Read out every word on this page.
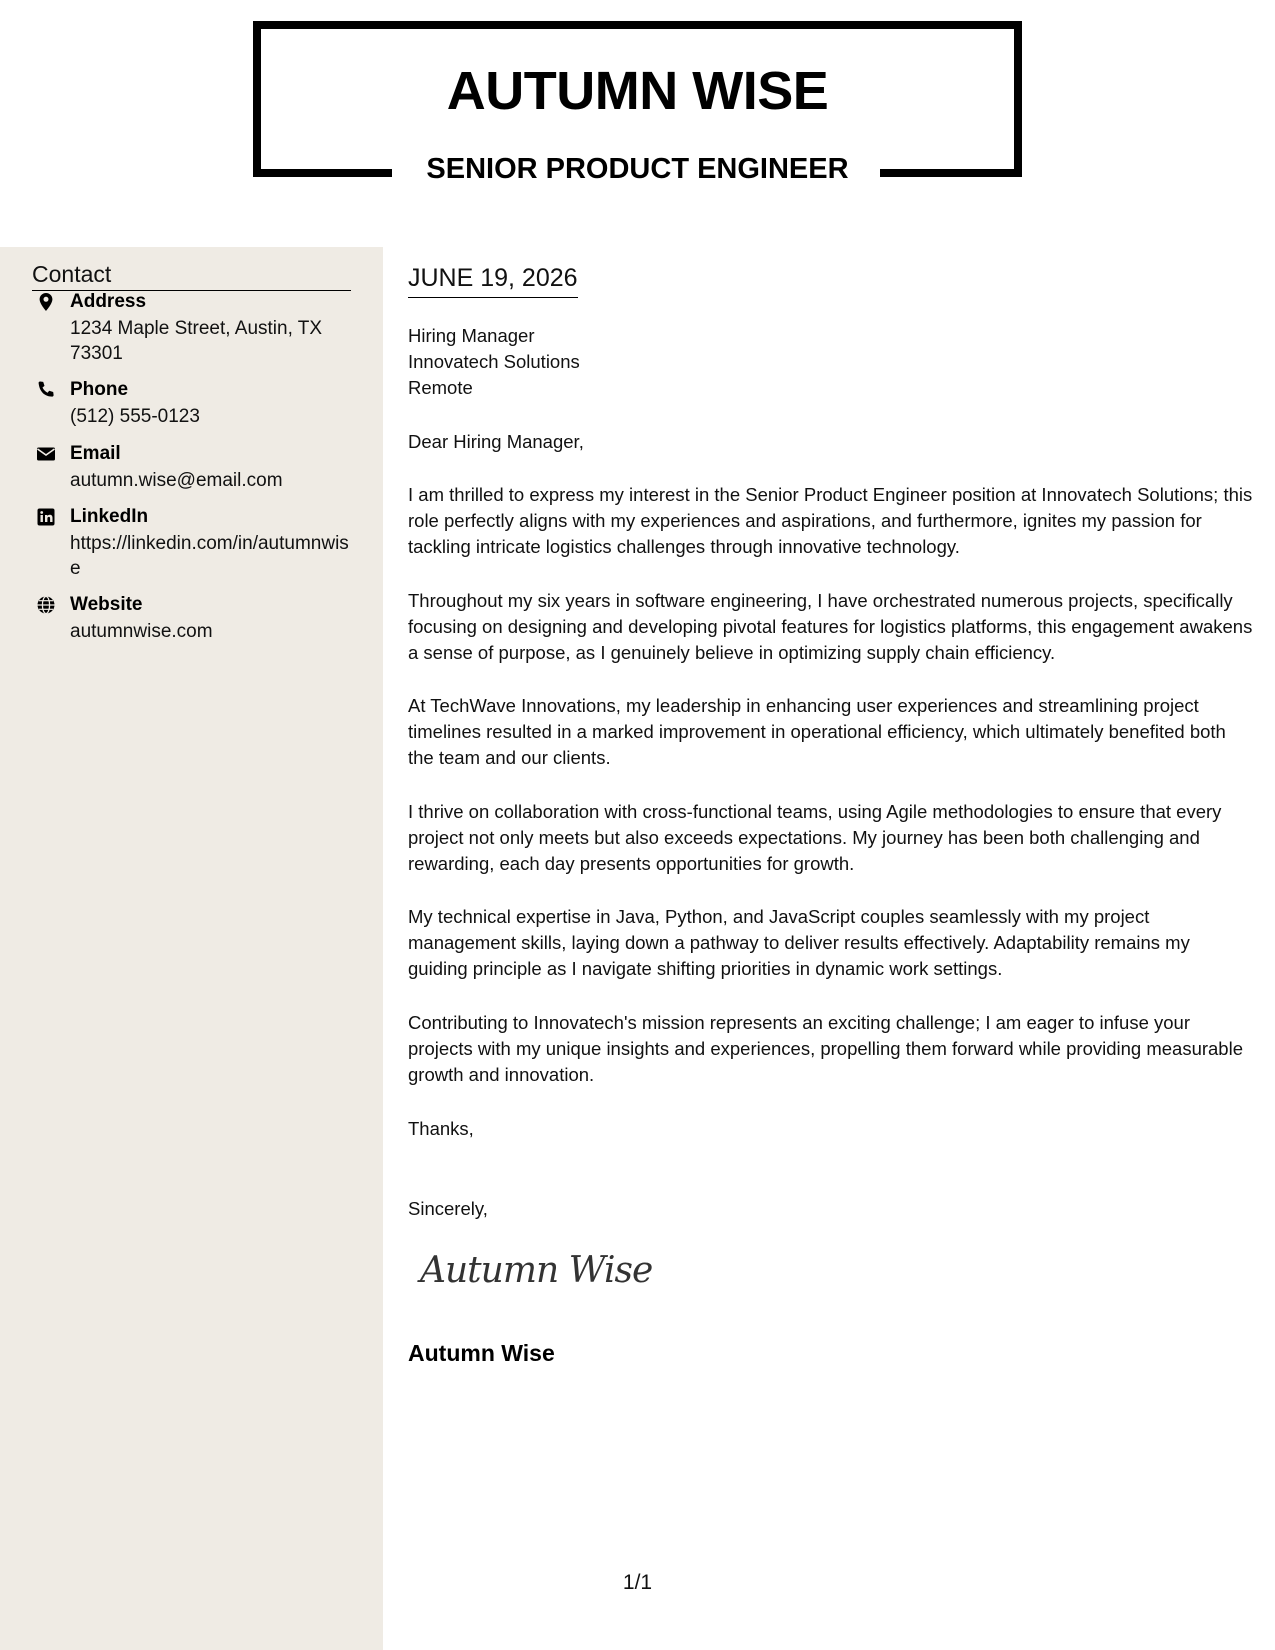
AUTUMN WISE
SENIOR PRODUCT ENGINEER
Contact
Address
1234 Maple Street, Austin, TX 73301
Phone
(512) 555-0123
Email
autumn.wise@email.com
LinkedIn
https://linkedin.com/in/autumnwise
Website
autumnwise.com
JUNE 19, 2026
Hiring Manager
Innovatech Solutions
Remote

Dear Hiring Manager,

I am thrilled to express my interest in the Senior Product Engineer position at Innovatech Solutions; this role perfectly aligns with my experiences and aspirations, and furthermore, ignites my passion for tackling intricate logistics challenges through innovative technology.

Throughout my six years in software engineering, I have orchestrated numerous projects, specifically focusing on designing and developing pivotal features for logistics platforms, this engagement awakens a sense of purpose, as I genuinely believe in optimizing supply chain efficiency.

At TechWave Innovations, my leadership in enhancing user experiences and streamlining project timelines resulted in a marked improvement in operational efficiency, which ultimately benefited both the team and our clients.

I thrive on collaboration with cross-functional teams, using Agile methodologies to ensure that every project not only meets but also exceeds expectations. My journey has been both challenging and rewarding, each day presents opportunities for growth.

My technical expertise in Java, Python, and JavaScript couples seamlessly with my project management skills, laying down a pathway to deliver results effectively. Adaptability remains my guiding principle as I navigate shifting priorities in dynamic work settings.

Contributing to Innovatech's mission represents an exciting challenge; I am eager to infuse your projects with my unique insights and experiences, propelling them forward while providing measurable growth and innovation.

Thanks,

Sincerely,

Autumn Wise
Autumn Wise
1/1
